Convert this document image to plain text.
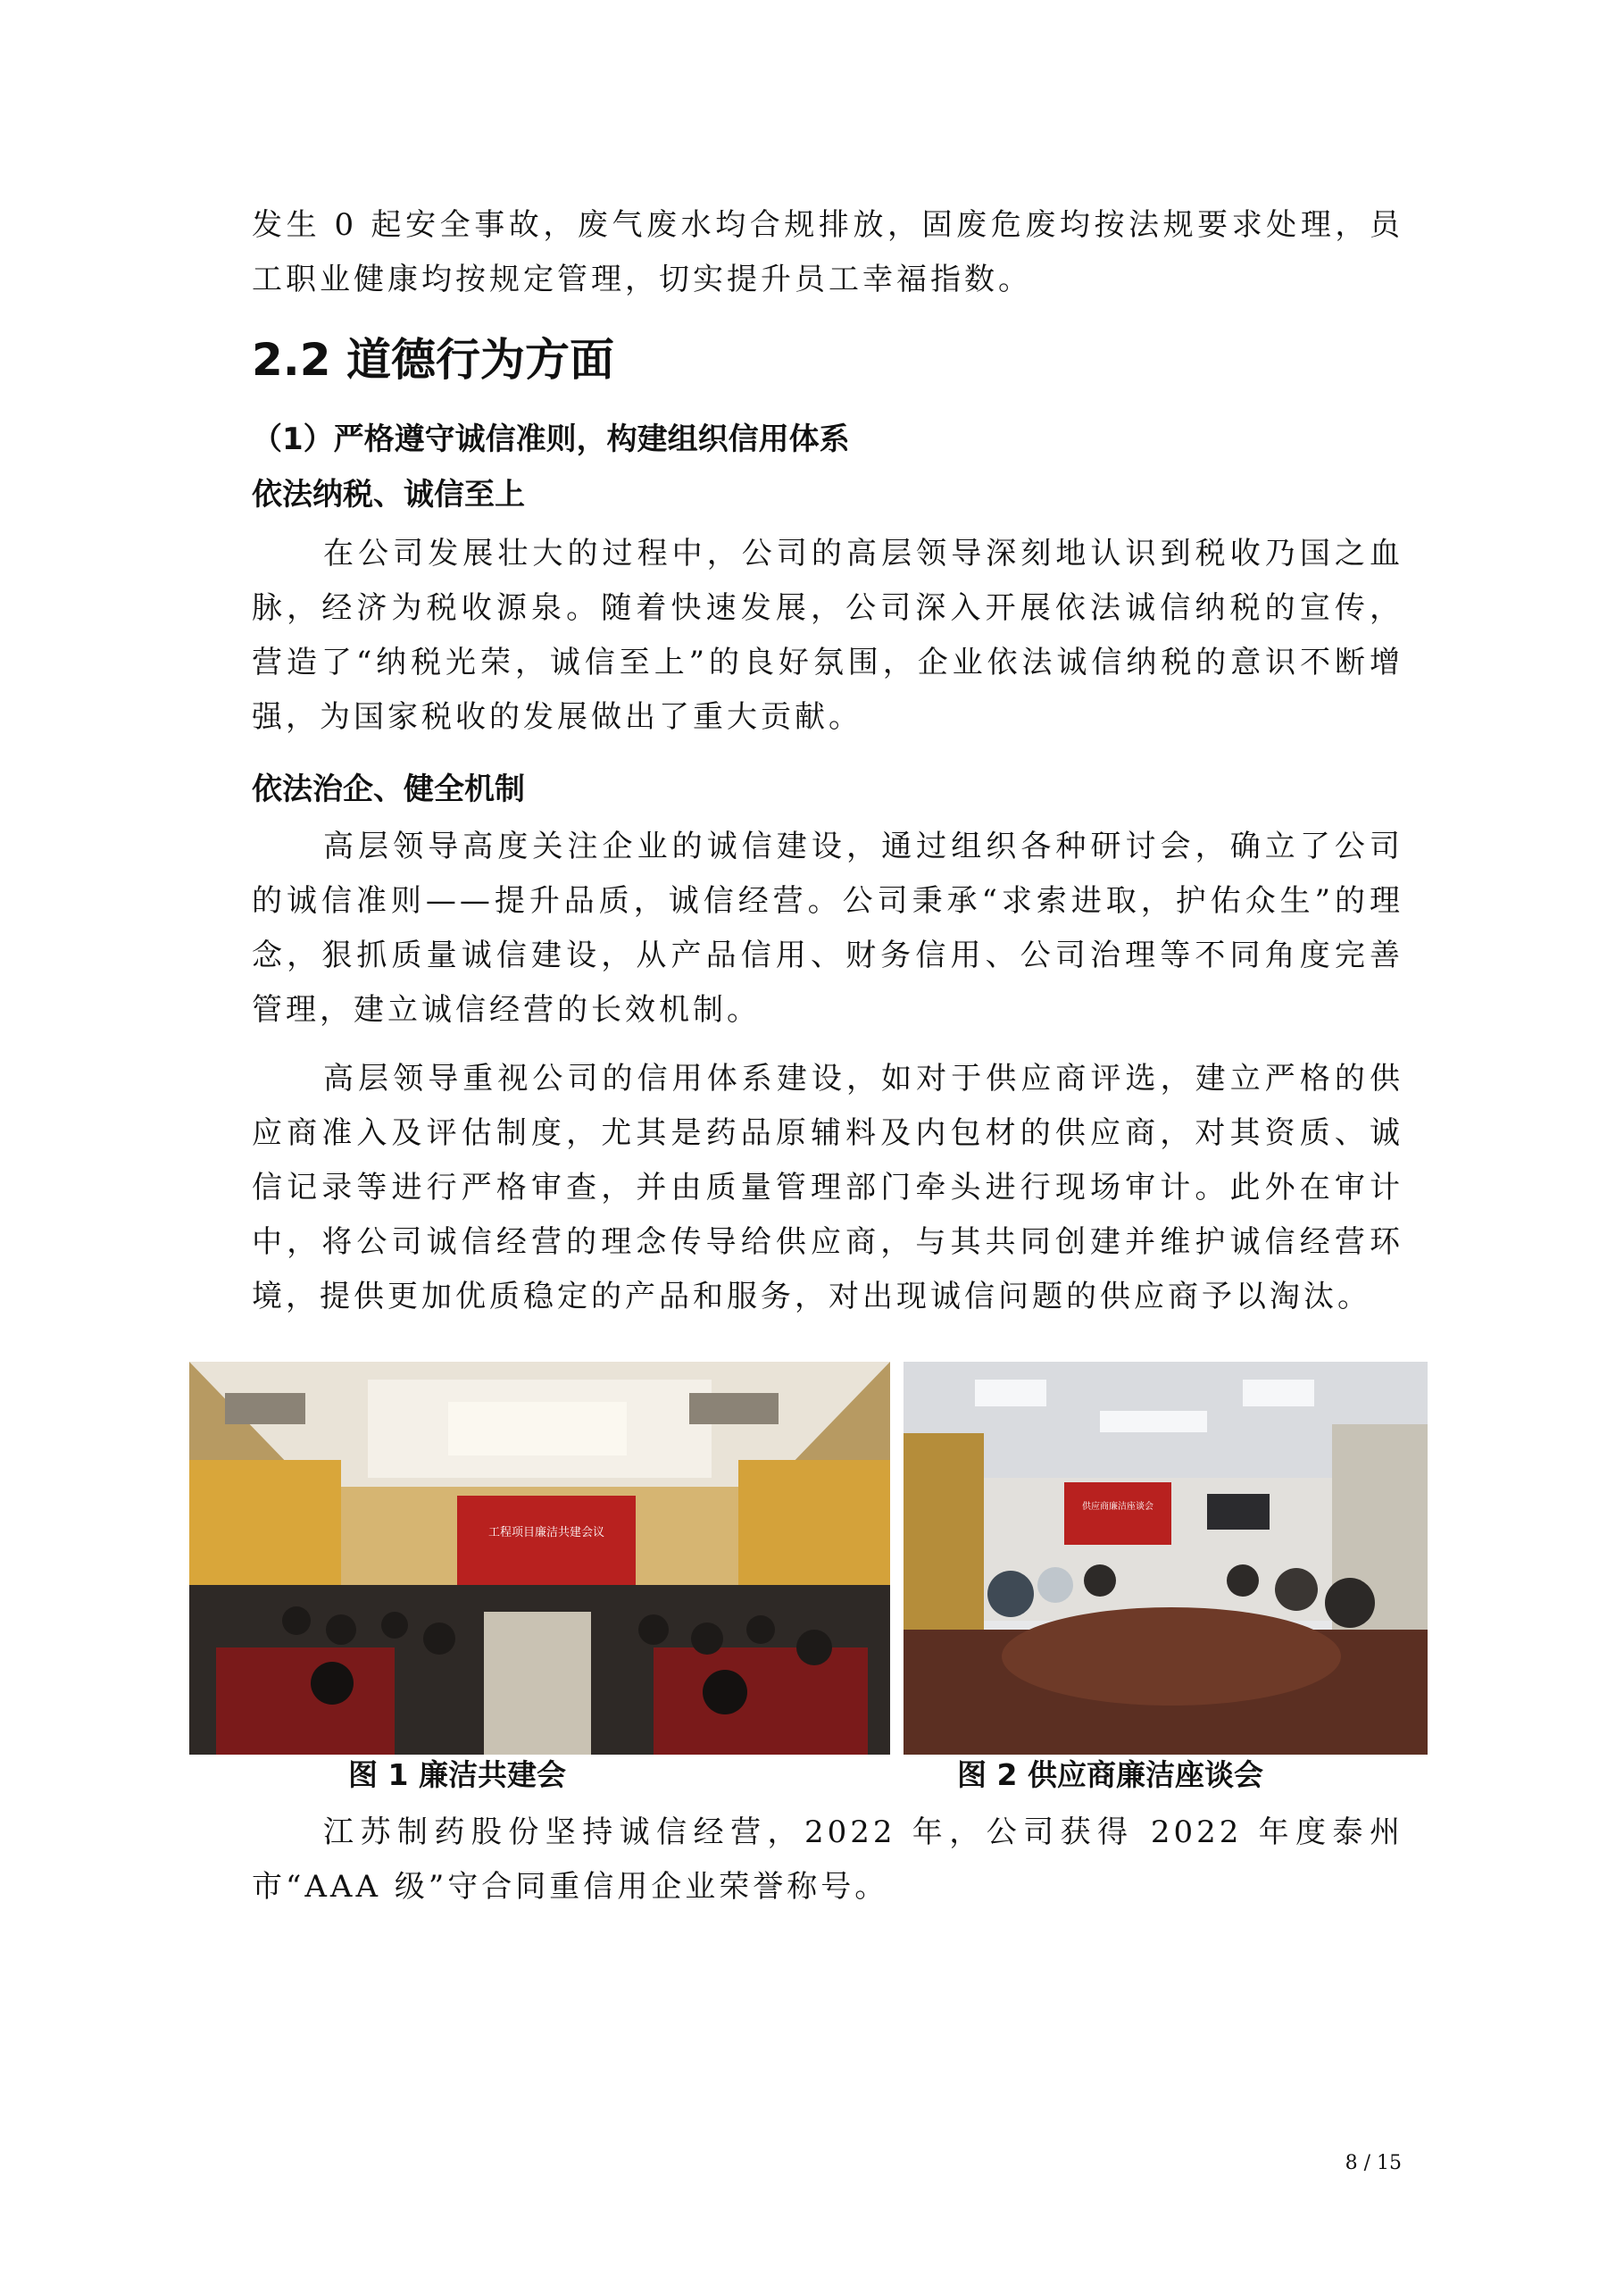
发生 0 起安全事故，废气废水均合规排放，固废危废均按法规要求处理，员工职业健康均按规定管理，切实提升员工幸福指数。

2.2 道德行为方面
（1）严格遵守诚信准则，构建组织信用体系
依法纳税、诚信至上

在公司发展壮大的过程中，公司的高层领导深刻地认识到税收乃国之血脉，经济为税收源泉。随着快速发展，公司深入开展依法诚信纳税的宣传，营造了“纳税光荣，诚信至上”的良好氛围，企业依法诚信纳税的意识不断增强，为国家税收的发展做出了重大贡献。

依法治企、健全机制

高层领导高度关注企业的诚信建设，通过组织各种研讨会，确立了公司的诚信准则——提升品质，诚信经营。公司秉承“求索进取，护佑众生”的理念，狠抓质量诚信建设，从产品信用、财务信用、公司治理等不同角度完善管理，建立诚信经营的长效机制。

高层领导重视公司的信用体系建设，如对于供应商评选，建立严格的供应商准入及评估制度，尤其是药品原辅料及内包材的供应商，对其资质、诚信记录等进行严格审查，并由质量管理部门牵头进行现场审计。此外在审计中，将公司诚信经营的理念传导给供应商，与其共同创建并维护诚信经营环境，提供更加优质稳定的产品和服务，对出现诚信问题的供应商予以淘汰。

工程项目廉洁共建会议
供应商廉洁座谈会

图 1 廉洁共建会	图 2 供应商廉洁座谈会

江苏制药股份坚持诚信经营，2022 年，公司获得 2022 年度泰州市“AAA 级”守合同重信用企业荣誉称号。

8 / 15
